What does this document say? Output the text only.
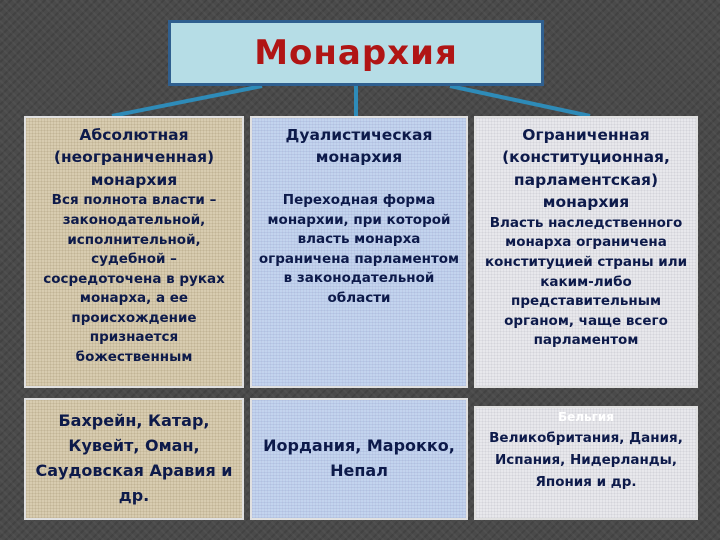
Монархия
Абсолютная (неограниченная) монархия
Вся полнота власти – законодательной, исполнительной, судебной – сосредоточена в руках монарха, а ее происхождение признается божественным
Дуалистическая монархия
Переходная форма монархии, при которой власть монарха ограничена парламентом в законодательной области
Ограниченная (конституционная, парламентская) монархия
Власть наследственного монарха ограничена конституцией страны или каким-либо представительным органом, чаще всего парламентом
Бахрейн, Катар, Кувейт, Оман, Саудовская Аравия и др.
Иордания, Марокко, Непал
Бельгия
Великобритания, Дания, Испания, Нидерланды, Япония и др.
